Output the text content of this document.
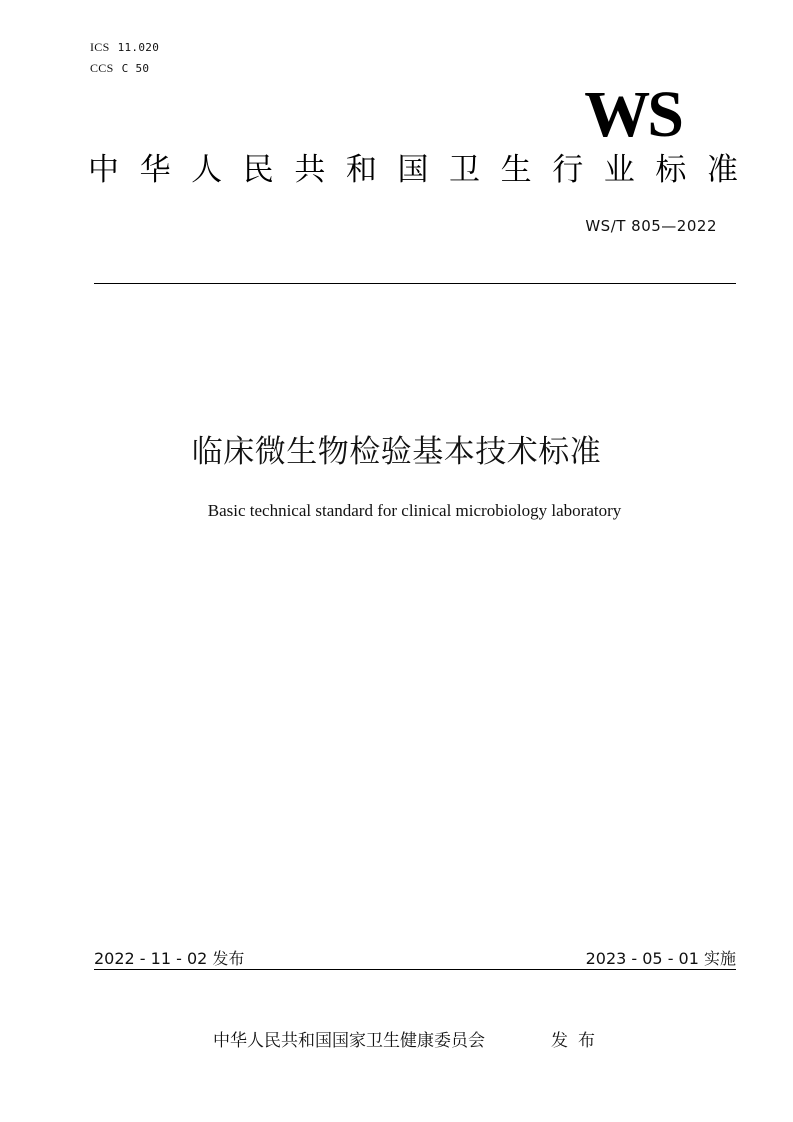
ICS 11.020
CCS C 50
WS
中 华 人 民 共 和 国 卫 生 行 业 标 准
WS/T 805—2022
临床微生物检验基本技术标准
Basic technical standard for clinical microbiology laboratory
2022 - 11 - 02 发布	2023 - 05 - 01 实施
中华人民共和国国家卫生健康委员会	发布
